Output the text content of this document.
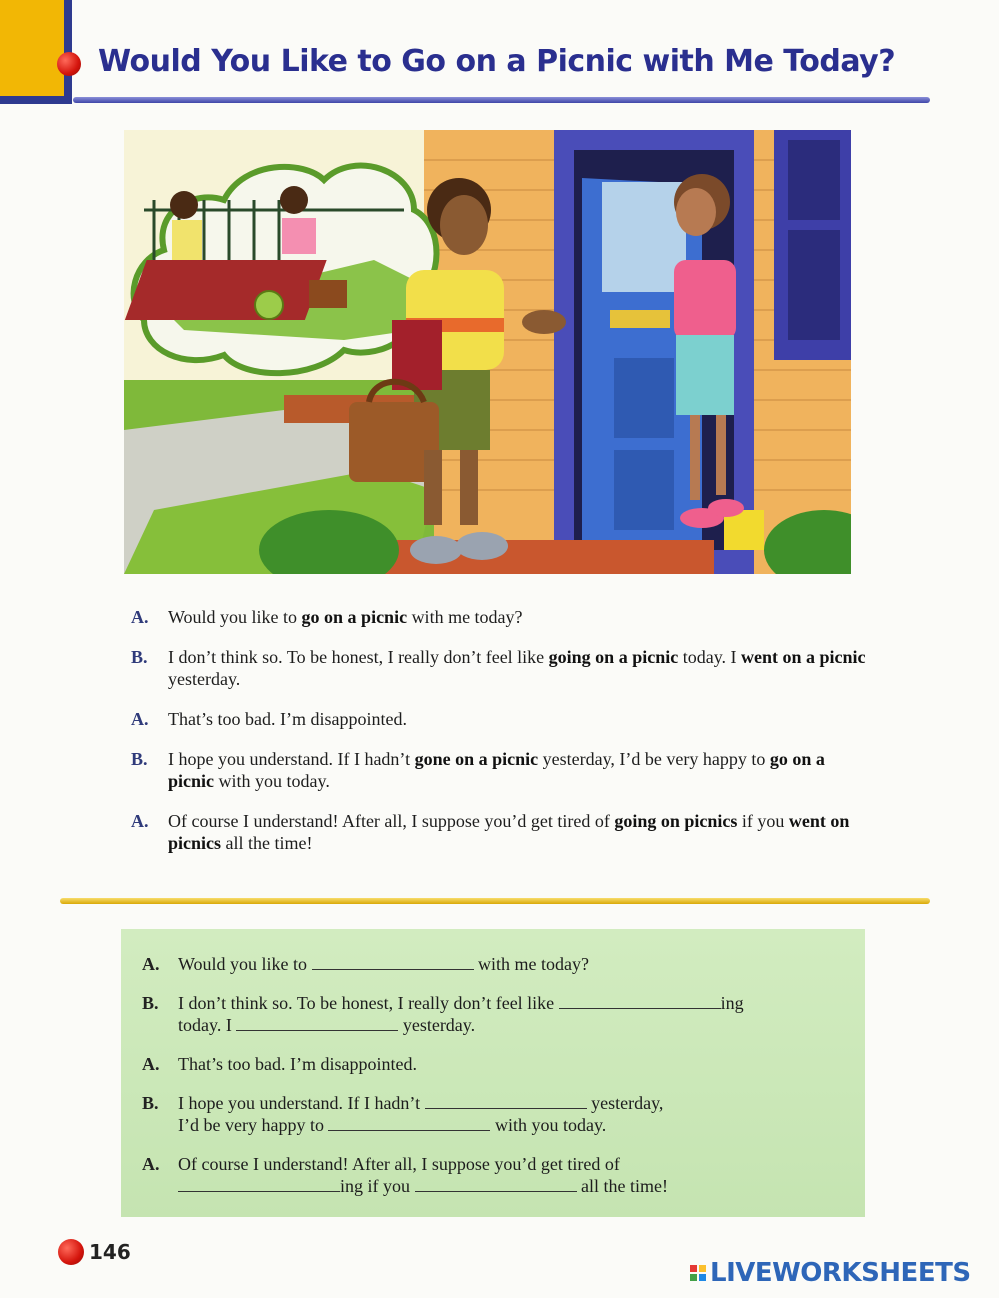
Would You Like to Go on a Picnic with Me Today?
A.	Would you like to go on a picnic with me today?
B.	I don’t think so. To be honest, I really don’t feel like going on a picnic today. I went on a picnic yesterday.
A.	That’s too bad. I’m disappointed.
B.	I hope you understand. If I hadn’t gone on a picnic yesterday, I’d be very happy to go on a picnic with you today.
A.	Of course I understand! After all, I suppose you’d get tired of going on picnics if you went on picnics all the time!
A.	Would you like to	with me today?
B.	I don’t think so. To be honest, I really don’t feel like	ing
today. I	yesterday.
A.	That’s too bad. I’m disappointed.
B.	I hope you understand. If I hadn’t	yesterday,
I’d be very happy to	with you today.
A.	Of course I understand! After all, I suppose you’d get tired of
ing if you	all the time!
146
LIVEWORKSHEETS
